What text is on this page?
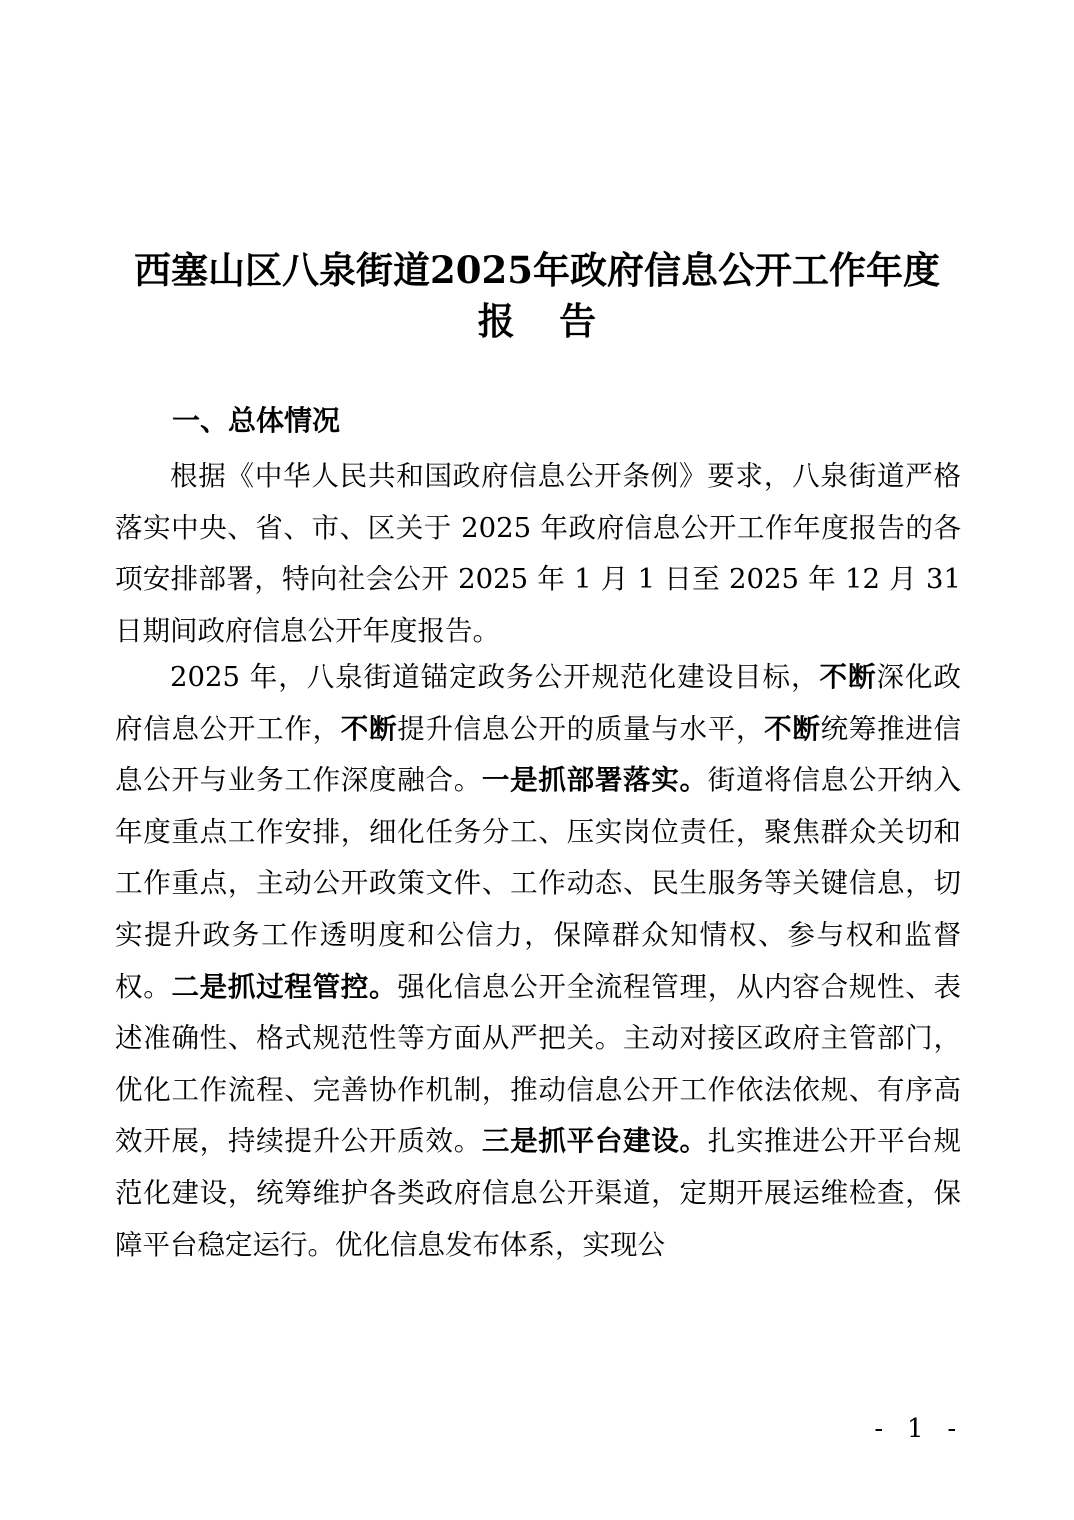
西塞山区八泉街道2025年政府信息公开工作年度
报告
一、总体情况

根据《中华人民共和国政府信息公开条例》要求，八泉街道严格落实中央、省、市、区关于 2025 年政府信息公开工作年度报告的各项安排部署，特向社会公开 2025 年 1 月 1 日至 2025 年 12 月 31 日期间政府信息公开年度报告。

2025 年，八泉街道锚定政务公开规范化建设目标，不断深化政府信息公开工作，不断提升信息公开的质量与水平，不断统筹推进信息公开与业务工作深度融合。一是抓部署落实。街道将信息公开纳入年度重点工作安排，细化任务分工、压实岗位责任，聚焦群众关切和工作重点，主动公开政策文件、工作动态、民生服务等关键信息，切实提升政务工作透明度和公信力，保障群众知情权、参与权和监督权。二是抓过程管控。强化信息公开全流程管理，从内容合规性、表述准确性、格式规范性等方面从严把关。主动对接区政府主管部门，优化工作流程、完善协作机制，推动信息公开工作依法依规、有序高效开展，持续提升公开质效。三是抓平台建设。扎实推进公开平台规范化建设，统筹维护各类政府信息公开渠道，定期开展运维检查，保障平台稳定运行。优化信息发布体系，实现公

- 1 -
